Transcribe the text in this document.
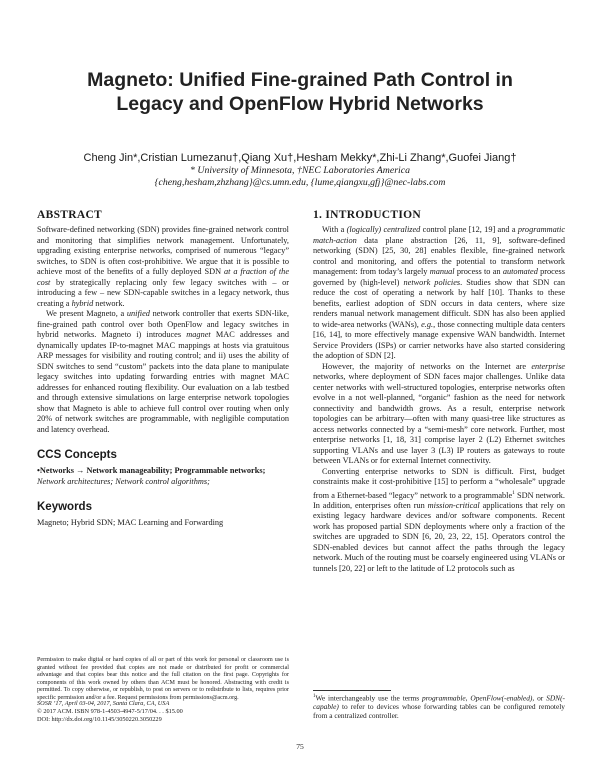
Magneto: Unified Fine-grained Path Control in
Legacy and OpenFlow Hybrid Networks
Cheng Jin*,Cristian Lumezanu†,Qiang Xu†,Hesham Mekky*,Zhi-Li Zhang*,Guofei Jiang†
* University of Minnesota, †NEC Laboratories America
{cheng,hesham,zhzhang}@cs.umn.edu, {lume,qiangxu,gfj}@nec-labs.com
ABSTRACT

Software-defined networking (SDN) provides fine-grained network control and monitoring that simplifies network management. Unfortunately, upgrading existing enterprise networks, comprised of numerous “legacy” switches, to SDN is often cost-prohibitive. We argue that it is possible to achieve most of the benefits of a fully deployed SDN at a fraction of the cost by strategically replacing only few legacy switches with – or introducing a few – new SDN-capable switches in a legacy network, thus creating a hybrid network.

We present Magneto, a unified network controller that exerts SDN-like, fine-grained path control over both OpenFlow and legacy switches in hybrid networks. Magneto i) introduces magnet MAC addresses and dynamically updates IP-to-magnet MAC mappings at hosts via gratuitous ARP messages for visibility and routing control; and ii) uses the ability of SDN switches to send “custom” packets into the data plane to manipulate legacy switches into updating forwarding entries with magnet MAC addresses for enhanced routing flexibility. Our evaluation on a lab testbed and through extensive simulations on large enterprise network topologies show that Magneto is able to achieve full control over routing when only 20% of network switches are programmable, with negligible computation and latency overhead.

CCS Concepts

•Networks → Network manageability; Programmable networks; Network architectures; Network control algorithms;

Keywords

Magneto; Hybrid SDN; MAC Learning and Forwarding

Permission to make digital or hard copies of all or part of this work for personal or classroom use is granted without fee provided that copies are not made or distributed for profit or commercial advantage and that copies bear this notice and the full citation on the first page. Copyrights for components of this work owned by others than ACM must be honored. Abstracting with credit is permitted. To copy otherwise, or republish, to post on servers or to redistribute to lists, requires prior specific permission and/or a fee. Request permissions from permissions@acm.org.
SOSR ’17, April 03-04, 2017, Santa Clara, CA, USA
© 2017 ACM. ISBN 978-1-4503-4947-5/17/04. . . $15.00
DOI: http://dx.doi.org/10.1145/3050220.3050229
1. INTRODUCTION

With a (logically) centralized control plane [12, 19] and a programmatic match-action data plane abstraction [26, 11, 9], software-defined networking (SDN) [25, 30, 28] enables flexible, fine-grained network control and monitoring, and offers the potential to transform network management: from today’s largely manual process to an automated process governed by (high-level) network policies. Studies show that SDN can reduce the cost of operating a network by half [10]. Thanks to these benefits, earliest adoption of SDN occurs in data centers, where size renders manual network management difficult. SDN has also been applied to wide-area networks (WANs), e.g., those connecting multiple data centers [16, 14], to more effectively manage expensive WAN bandwidth. Internet Service Providers (ISPs) or carrier networks have also started considering the adoption of SDN [2].

However, the majority of networks on the Internet are enterprise networks, where deployment of SDN faces major challenges. Unlike data center networks with well-structured topologies, enterprise networks often evolve in a not well-planned, “organic” fashion as the need for network connectivity and bandwidth grows. As a result, enterprise network topologies can be arbitrary—often with many quasi-tree like structures as access networks connected by a “semi-mesh” core network. Further, most enterprise networks [1, 18, 31] comprise layer 2 (L2) Ethernet switches supporting VLANs and use layer 3 (L3) IP routers as gateways to route between VLANs or for external Internet connectivity.

Converting enterprise networks to SDN is difficult. First, budget constraints make it cost-prohibitive [15] to perform a “wholesale” upgrade from a Ethernet-based “legacy” network to a programmable$^1$ SDN network. In addition, enterprises often run mission-critical applications that rely on existing legacy hardware devices and/or software components. Recent work has proposed partial SDN deployments where only a fraction of the switches are upgraded to SDN [6, 20, 23, 22, 15]. Operators control the SDN-enabled devices but cannot affect the paths through the legacy network. Much of the routing must be coarsely engineered using VLANs or tunnels [20, 22] or left to the latitude of L2 protocols such as

$^1$We interchangeably use the terms programmable, OpenFlow(-enabled), or SDN(-capable) to refer to devices whose forwarding tables can be configured remotely from a centralized controller.
75
